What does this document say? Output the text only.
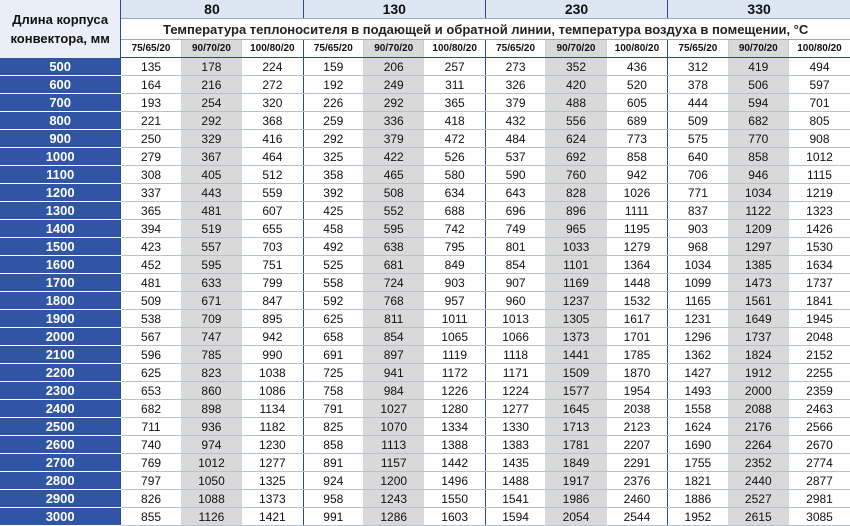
Длина корпуса конвектора, мм	80			130			230			330		
	Температура теплоносителя в подающей и обратной линии, температура воздуха в помещении, °С											
	75/65/20	90/70/20	100/80/20	75/65/20	90/70/20	100/80/20	75/65/20	90/70/20	100/80/20	75/65/20	90/70/20	100/80/20
500	135	178	224	159	206	257	273	352	436	312	419	494
600	164	216	272	192	249	311	326	420	520	378	506	597
700	193	254	320	226	292	365	379	488	605	444	594	701
800	221	292	368	259	336	418	432	556	689	509	682	805
900	250	329	416	292	379	472	484	624	773	575	770	908
1000	279	367	464	325	422	526	537	692	858	640	858	1012
1100	308	405	512	358	465	580	590	760	942	706	946	1115
1200	337	443	559	392	508	634	643	828	1026	771	1034	1219
1300	365	481	607	425	552	688	696	896	1111	837	1122	1323
1400	394	519	655	458	595	742	749	965	1195	903	1209	1426
1500	423	557	703	492	638	795	801	1033	1279	968	1297	1530
1600	452	595	751	525	681	849	854	1101	1364	1034	1385	1634
1700	481	633	799	558	724	903	907	1169	1448	1099	1473	1737
1800	509	671	847	592	768	957	960	1237	1532	1165	1561	1841
1900	538	709	895	625	811	1011	1013	1305	1617	1231	1649	1945
2000	567	747	942	658	854	1065	1066	1373	1701	1296	1737	2048
2100	596	785	990	691	897	1119	1118	1441	1785	1362	1824	2152
2200	625	823	1038	725	941	1172	1171	1509	1870	1427	1912	2255
2300	653	860	1086	758	984	1226	1224	1577	1954	1493	2000	2359
2400	682	898	1134	791	1027	1280	1277	1645	2038	1558	2088	2463
2500	711	936	1182	825	1070	1334	1330	1713	2123	1624	2176	2566
2600	740	974	1230	858	1113	1388	1383	1781	2207	1690	2264	2670
2700	769	1012	1277	891	1157	1442	1435	1849	2291	1755	2352	2774
2800	797	1050	1325	924	1200	1496	1488	1917	2376	1821	2440	2877
2900	826	1088	1373	958	1243	1550	1541	1986	2460	1886	2527	2981
3000	855	1126	1421	991	1286	1603	1594	2054	2544	1952	2615	3085
